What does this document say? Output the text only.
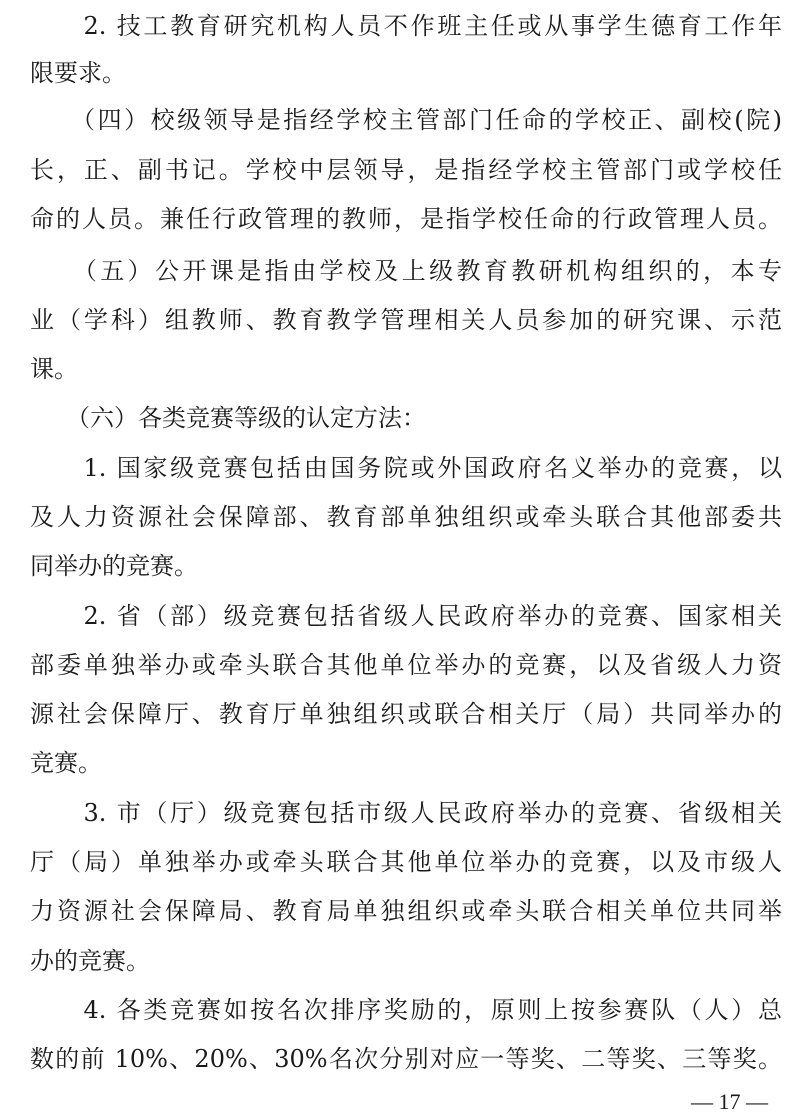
　　2. 技工教育研究机构人员不作班主任或从事学生德育工作年
限要求。
　　（四）校级领导是指经学校主管部门任命的学校正、副校(院)
长，正、副书记。学校中层领导，是指经学校主管部门或学校任
命的人员。兼任行政管理的教师，是指学校任命的行政管理人员。
　　（五）公开课是指由学校及上级教育教研机构组织的，本专
业（学科）组教师、教育教学管理相关人员参加的研究课、示范
课。
　　（六）各类竞赛等级的认定方法：
　　1. 国家级竞赛包括由国务院或外国政府名义举办的竞赛，以
及人力资源社会保障部、教育部单独组织或牵头联合其他部委共
同举办的竞赛。
　　2. 省（部）级竞赛包括省级人民政府举办的竞赛、国家相关
部委单独举办或牵头联合其他单位举办的竞赛，以及省级人力资
源社会保障厅、教育厅单独组织或联合相关厅（局）共同举办的
竞赛。
　　3. 市（厅）级竞赛包括市级人民政府举办的竞赛、省级相关
厅（局）单独举办或牵头联合其他单位举办的竞赛，以及市级人
力资源社会保障局、教育局单独组织或牵头联合相关单位共同举
办的竞赛。
　　4. 各类竞赛如按名次排序奖励的，原则上按参赛队（人）总
数的前 10%、20%、30%名次分别对应一等奖、二等奖、三等奖。
— 17 —
